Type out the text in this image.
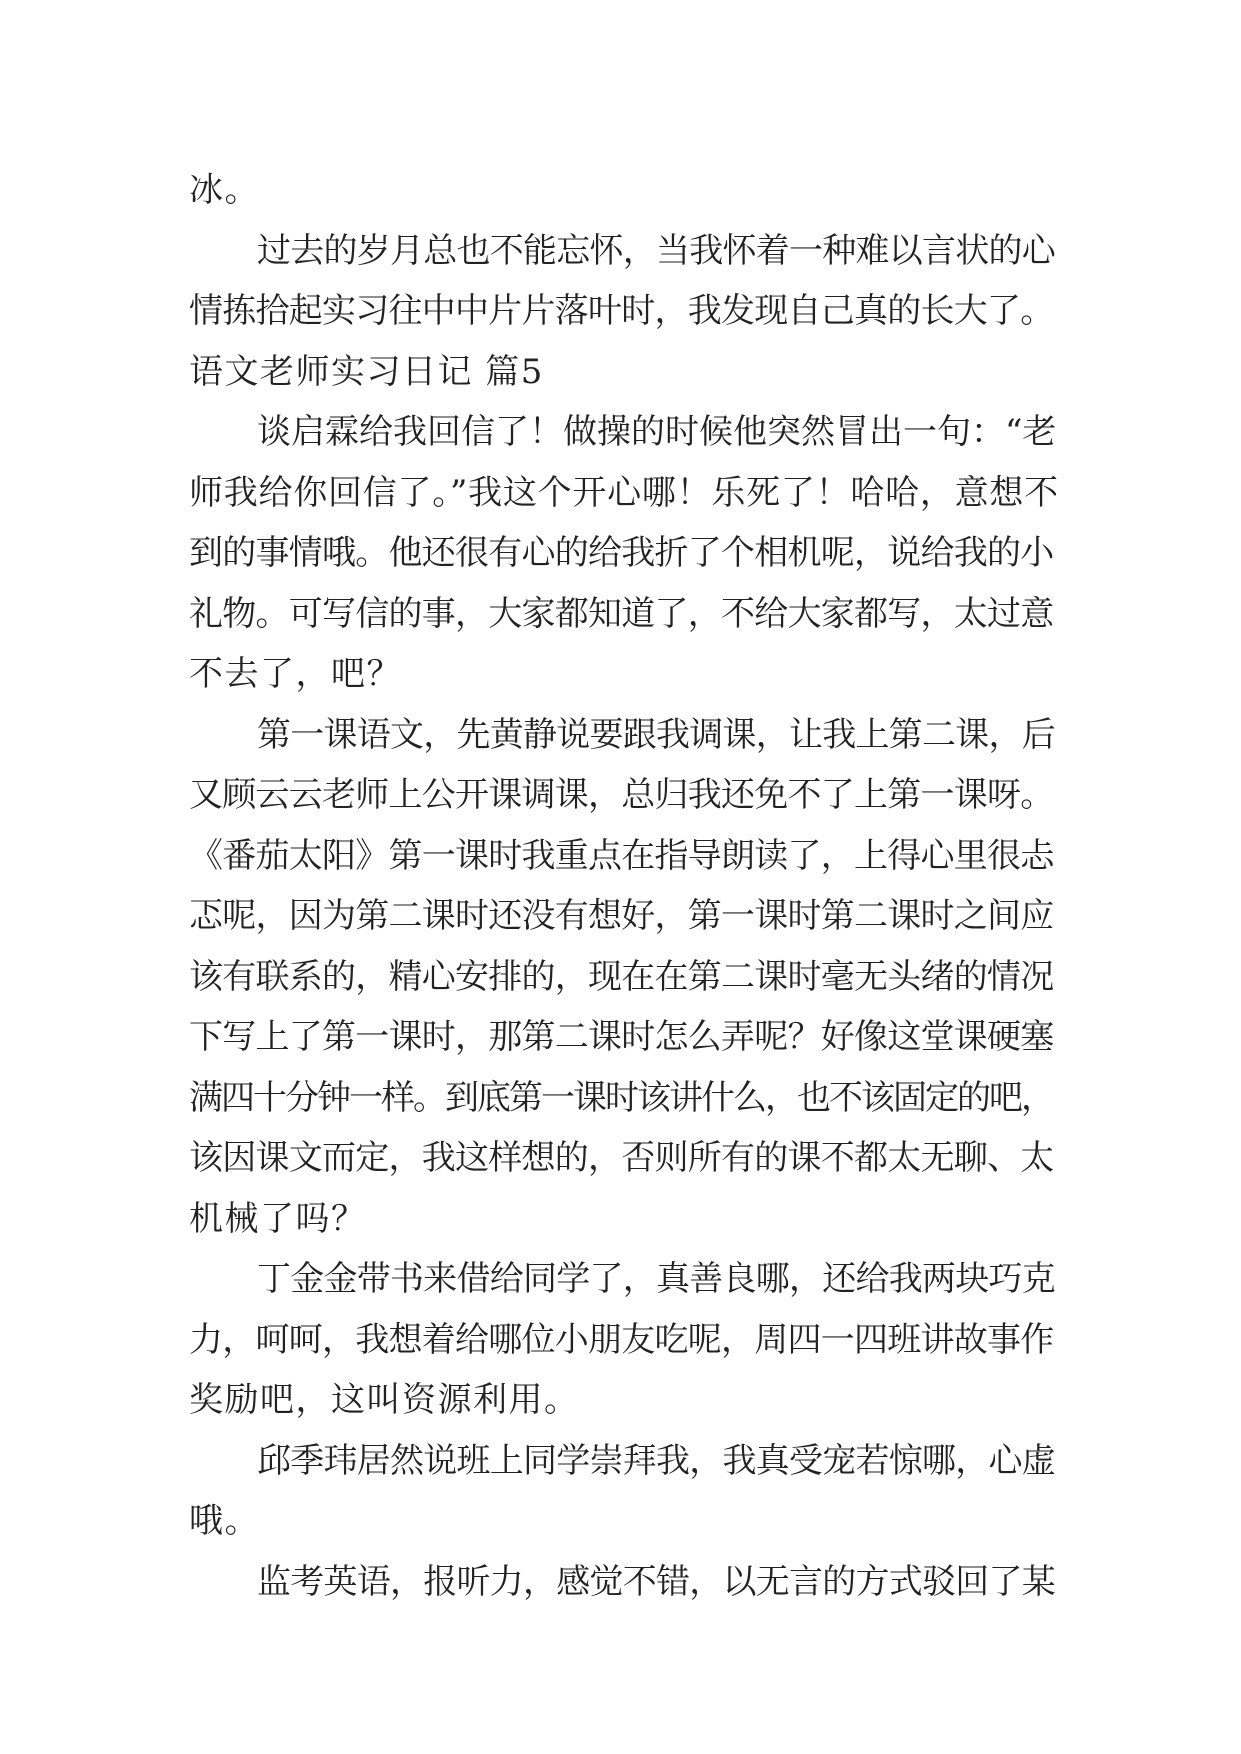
冰。
过去的岁月总也不能忘怀，当我怀着一种难以言状的心
情拣拾起实习往中中片片落叶时，我发现自己真的长大了。
语文老师实习日记 篇5
谈启霖给我回信了！做操的时候他突然冒出一句：“老
师我给你回信了。”我这个开心哪！乐死了！哈哈，意想不
到的事情哦。他还很有心的给我折了个相机呢，说给我的小
礼物。可写信的事，大家都知道了，不给大家都写，太过意
不去了，吧？
第一课语文，先黄静说要跟我调课，让我上第二课，后
又顾云云老师上公开课调课，总归我还免不了上第一课呀。
《番茄太阳》第一课时我重点在指导朗读了，上得心里很忐
忑呢，因为第二课时还没有想好，第一课时第二课时之间应
该有联系的，精心安排的，现在在第二课时毫无头绪的情况
下写上了第一课时，那第二课时怎么弄呢？好像这堂课硬塞
满四十分钟一样。到底第一课时该讲什么，也不该固定的吧，
该因课文而定，我这样想的，否则所有的课不都太无聊、太
机械了吗？
丁金金带书来借给同学了，真善良哪，还给我两块巧克
力，呵呵，我想着给哪位小朋友吃呢，周四一四班讲故事作
奖励吧，这叫资源利用。
邱季玮居然说班上同学崇拜我，我真受宠若惊哪，心虚
哦。
监考英语，报听力，感觉不错，以无言的方式驳回了某
